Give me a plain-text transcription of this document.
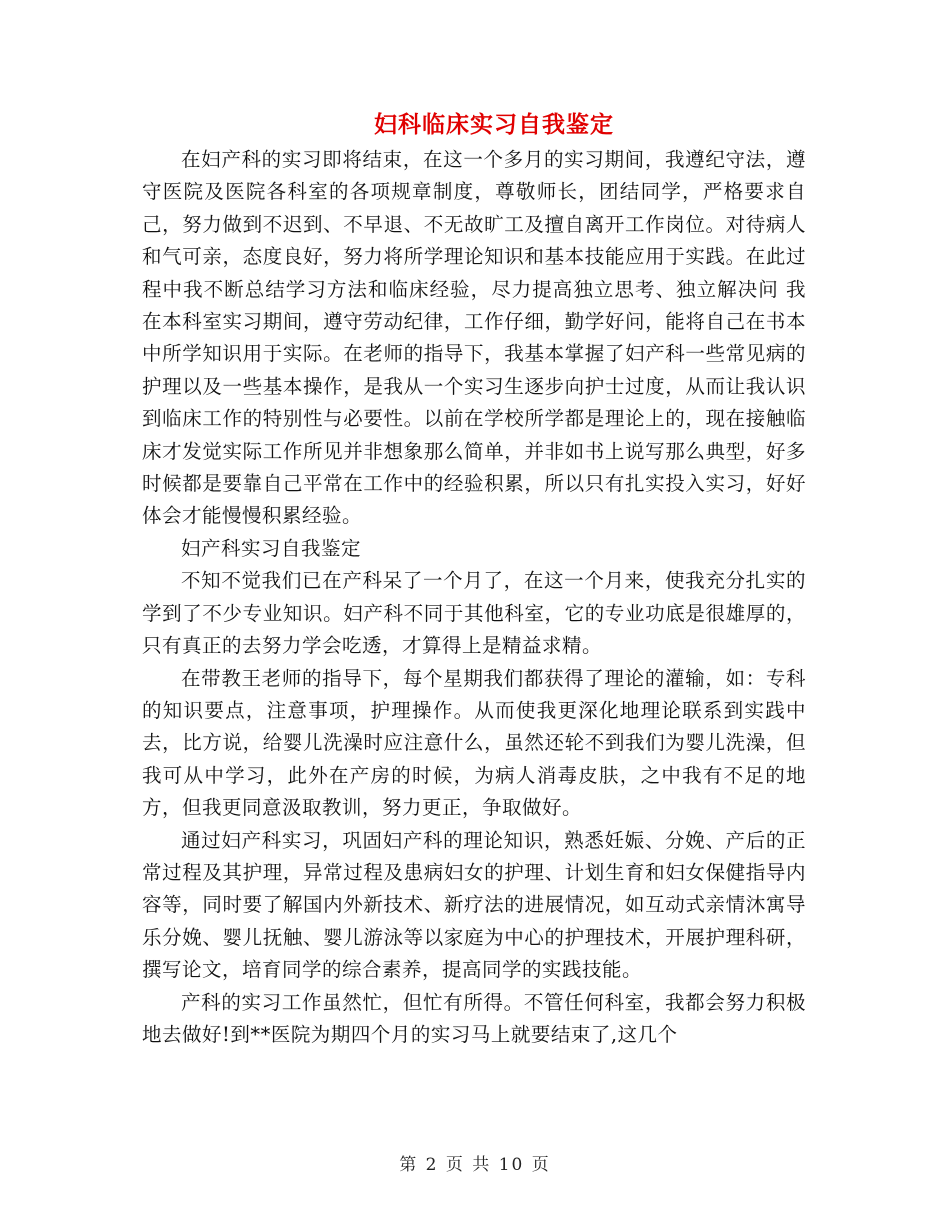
妇科临床实习自我鉴定

在妇产科的实习即将结束，在这一个多月的实习期间，我遵纪守法，遵守医院及医院各科室的各项规章制度，尊敬师长，团结同学，严格要求自己，努力做到不迟到、不早退、不无故旷工及擅自离开工作岗位。对待病人和气可亲，态度良好，努力将所学理论知识和基本技能应用于实践。在此过程中我不断总结学习方法和临床经验，尽力提高独立思考、独立解决问 我在本科室实习期间，遵守劳动纪律，工作仔细，勤学好问，能将自己在书本中所学知识用于实际。在老师的指导下，我基本掌握了妇产科一些常见病的护理以及一些基本操作，是我从一个实习生逐步向护士过度，从而让我认识到临床工作的特别性与必要性。以前在学校所学都是理论上的，现在接触临床才发觉实际工作所见并非想象那么简单，并非如书上说写那么典型，好多时候都是要靠自己平常在工作中的经验积累，所以只有扎实投入实习，好好体会才能慢慢积累经验。

妇产科实习自我鉴定

不知不觉我们已在产科呆了一个月了，在这一个月来，使我充分扎实的学到了不少专业知识。妇产科不同于其他科室，它的专业功底是很雄厚的，只有真正的去努力学会吃透，才算得上是精益求精。

在带教王老师的指导下，每个星期我们都获得了理论的灌输，如：专科的知识要点，注意事项，护理操作。从而使我更深化地理论联系到实践中去，比方说，给婴儿洗澡时应注意什么，虽然还轮不到我们为婴儿洗澡，但我可从中学习，此外在产房的时候，为病人消毒皮肤，之中我有不足的地方，但我更同意汲取教训，努力更正，争取做好。

通过妇产科实习，巩固妇产科的理论知识，熟悉妊娠、分娩、产后的正常过程及其护理，异常过程及患病妇女的护理、计划生育和妇女保健指导内容等，同时要了解国内外新技术、新疗法的进展情况，如互动式亲情沐寓导乐分娩、婴儿抚触、婴儿游泳等以家庭为中心的护理技术，开展护理科研，撰写论文，培育同学的综合素养，提高同学的实践技能。

产科的实习工作虽然忙，但忙有所得。不管任何科室，我都会努力积极地去做好!到**医院为期四个月的实习马上就要结束了,这几个

第 2 页 共 10 页
